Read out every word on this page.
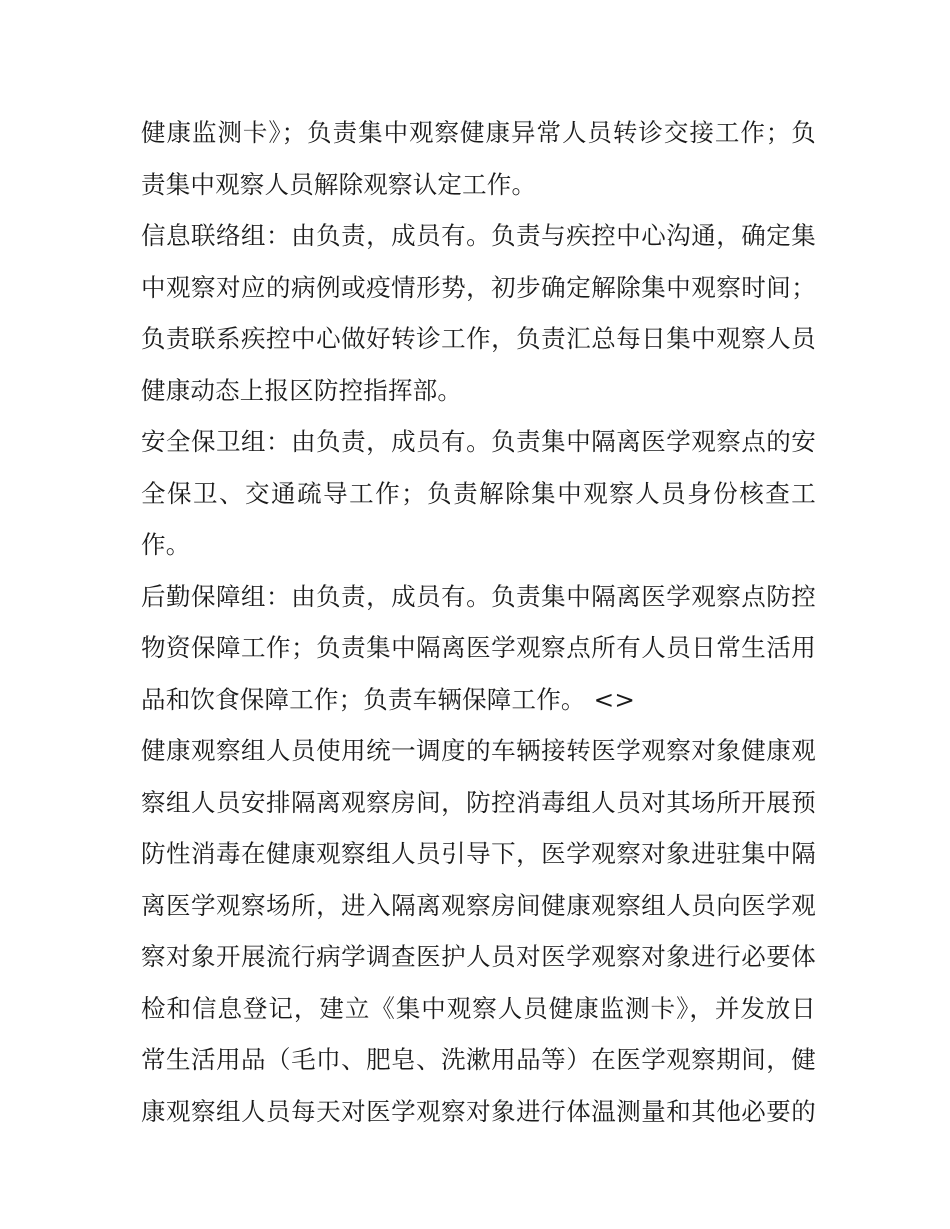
健康监测卡》；负责集中观察健康异常人员转诊交接工作；负
责集中观察人员解除观察认定工作。

信息联络组：由负责，成员有。负责与疾控中心沟通，确定集
中观察对应的病例或疫情形势，初步确定解除集中观察时间；
负责联系疾控中心做好转诊工作，负责汇总每日集中观察人员
健康动态上报区防控指挥部。

安全保卫组：由负责，成员有。负责集中隔离医学观察点的安
全保卫、交通疏导工作；负责解除集中观察人员身份核查工
作。

后勤保障组：由负责，成员有。负责集中隔离医学观察点防控
物资保障工作；负责集中隔离医学观察点所有人员日常生活用
品和饮食保障工作；负责车辆保障工作。 <>

健康观察组人员使用统一调度的车辆接转医学观察对象健康观
察组人员安排隔离观察房间，防控消毒组人员对其场所开展预
防性消毒在健康观察组人员引导下，医学观察对象进驻集中隔
离医学观察场所，进入隔离观察房间健康观察组人员向医学观
察对象开展流行病学调查医护人员对医学观察对象进行必要体
检和信息登记，建立《集中观察人员健康监测卡》，并发放日
常生活用品（毛巾、肥皂、洗漱用品等）在医学观察期间，健
康观察组人员每天对医学观察对象进行体温测量和其他必要的
